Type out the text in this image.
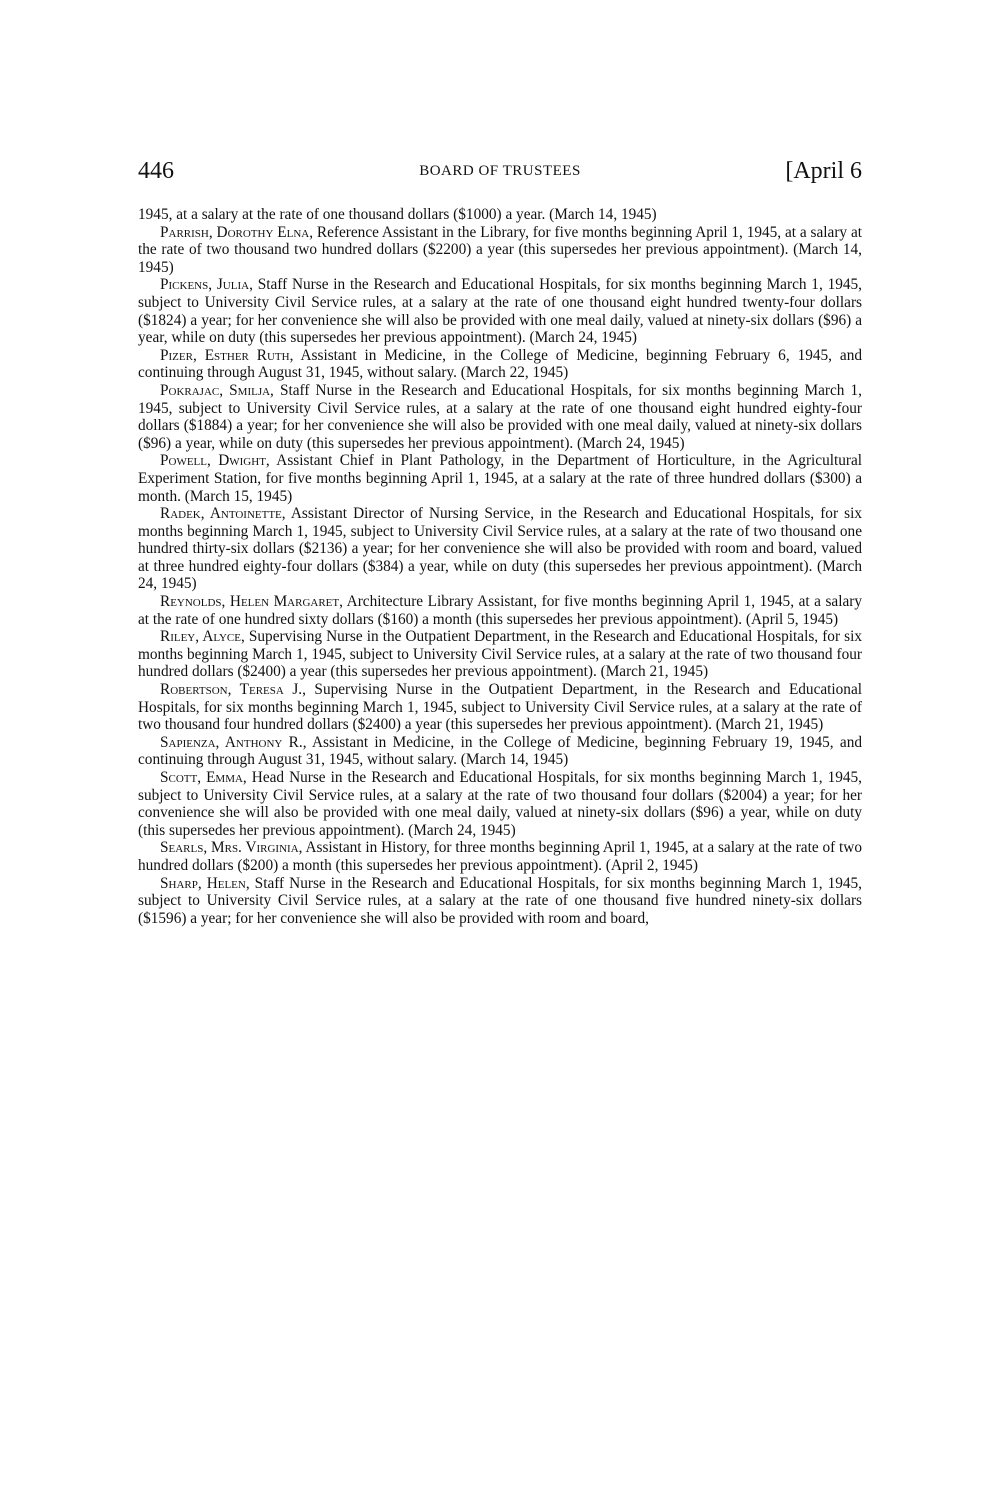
446	BOARD OF TRUSTEES	[April 6

1945, at a salary at the rate of one thousand dollars ($1000) a year. (March 14, 1945)

Parrish, Dorothy Elna, Reference Assistant in the Library, for five months beginning April 1, 1945, at a salary at the rate of two thousand two hundred dollars ($2200) a year (this supersedes her previous appointment). (March 14, 1945)

Pickens, Julia, Staff Nurse in the Research and Educational Hospitals, for six months beginning March 1, 1945, subject to University Civil Service rules, at a salary at the rate of one thousand eight hundred twenty-four dollars ($1824) a year; for her convenience she will also be provided with one meal daily, valued at ninety-six dollars ($96) a year, while on duty (this supersedes her previous appointment). (March 24, 1945)

Pizer, Esther Ruth, Assistant in Medicine, in the College of Medicine, beginning February 6, 1945, and continuing through August 31, 1945, without salary. (March 22, 1945)

Pokrajac, Smilja, Staff Nurse in the Research and Educational Hospitals, for six months beginning March 1, 1945, subject to University Civil Service rules, at a salary at the rate of one thousand eight hundred eighty-four dollars ($1884) a year; for her convenience she will also be provided with one meal daily, valued at ninety-six dollars ($96) a year, while on duty (this supersedes her previous appointment). (March 24, 1945)

Powell, Dwight, Assistant Chief in Plant Pathology, in the Department of Horticulture, in the Agricultural Experiment Station, for five months beginning April 1, 1945, at a salary at the rate of three hundred dollars ($300) a month. (March 15, 1945)

Radek, Antoinette, Assistant Director of Nursing Service, in the Research and Educational Hospitals, for six months beginning March 1, 1945, subject to University Civil Service rules, at a salary at the rate of two thousand one hundred thirty-six dollars ($2136) a year; for her convenience she will also be provided with room and board, valued at three hundred eighty-four dollars ($384) a year, while on duty (this supersedes her previous appointment). (March 24, 1945)

Reynolds, Helen Margaret, Architecture Library Assistant, for five months beginning April 1, 1945, at a salary at the rate of one hundred sixty dollars ($160) a month (this supersedes her previous appointment). (April 5, 1945)

Riley, Alyce, Supervising Nurse in the Outpatient Department, in the Research and Educational Hospitals, for six months beginning March 1, 1945, subject to University Civil Service rules, at a salary at the rate of two thousand four hundred dollars ($2400) a year (this supersedes her previous appointment). (March 21, 1945)

Robertson, Teresa J., Supervising Nurse in the Outpatient Department, in the Research and Educational Hospitals, for six months beginning March 1, 1945, subject to University Civil Service rules, at a salary at the rate of two thousand four hundred dollars ($2400) a year (this supersedes her previous appointment). (March 21, 1945)

Sapienza, Anthony R., Assistant in Medicine, in the College of Medicine, beginning February 19, 1945, and continuing through August 31, 1945, without salary. (March 14, 1945)

Scott, Emma, Head Nurse in the Research and Educational Hospitals, for six months beginning March 1, 1945, subject to University Civil Service rules, at a salary at the rate of two thousand four dollars ($2004) a year; for her convenience she will also be provided with one meal daily, valued at ninety-six dollars ($96) a year, while on duty (this supersedes her previous appointment). (March 24, 1945)

Searls, Mrs. Virginia, Assistant in History, for three months beginning April 1, 1945, at a salary at the rate of two hundred dollars ($200) a month (this supersedes her previous appointment). (April 2, 1945)

Sharp, Helen, Staff Nurse in the Research and Educational Hospitals, for six months beginning March 1, 1945, subject to University Civil Service rules, at a salary at the rate of one thousand five hundred ninety-six dollars ($1596) a year; for her convenience she will also be provided with room and board,
